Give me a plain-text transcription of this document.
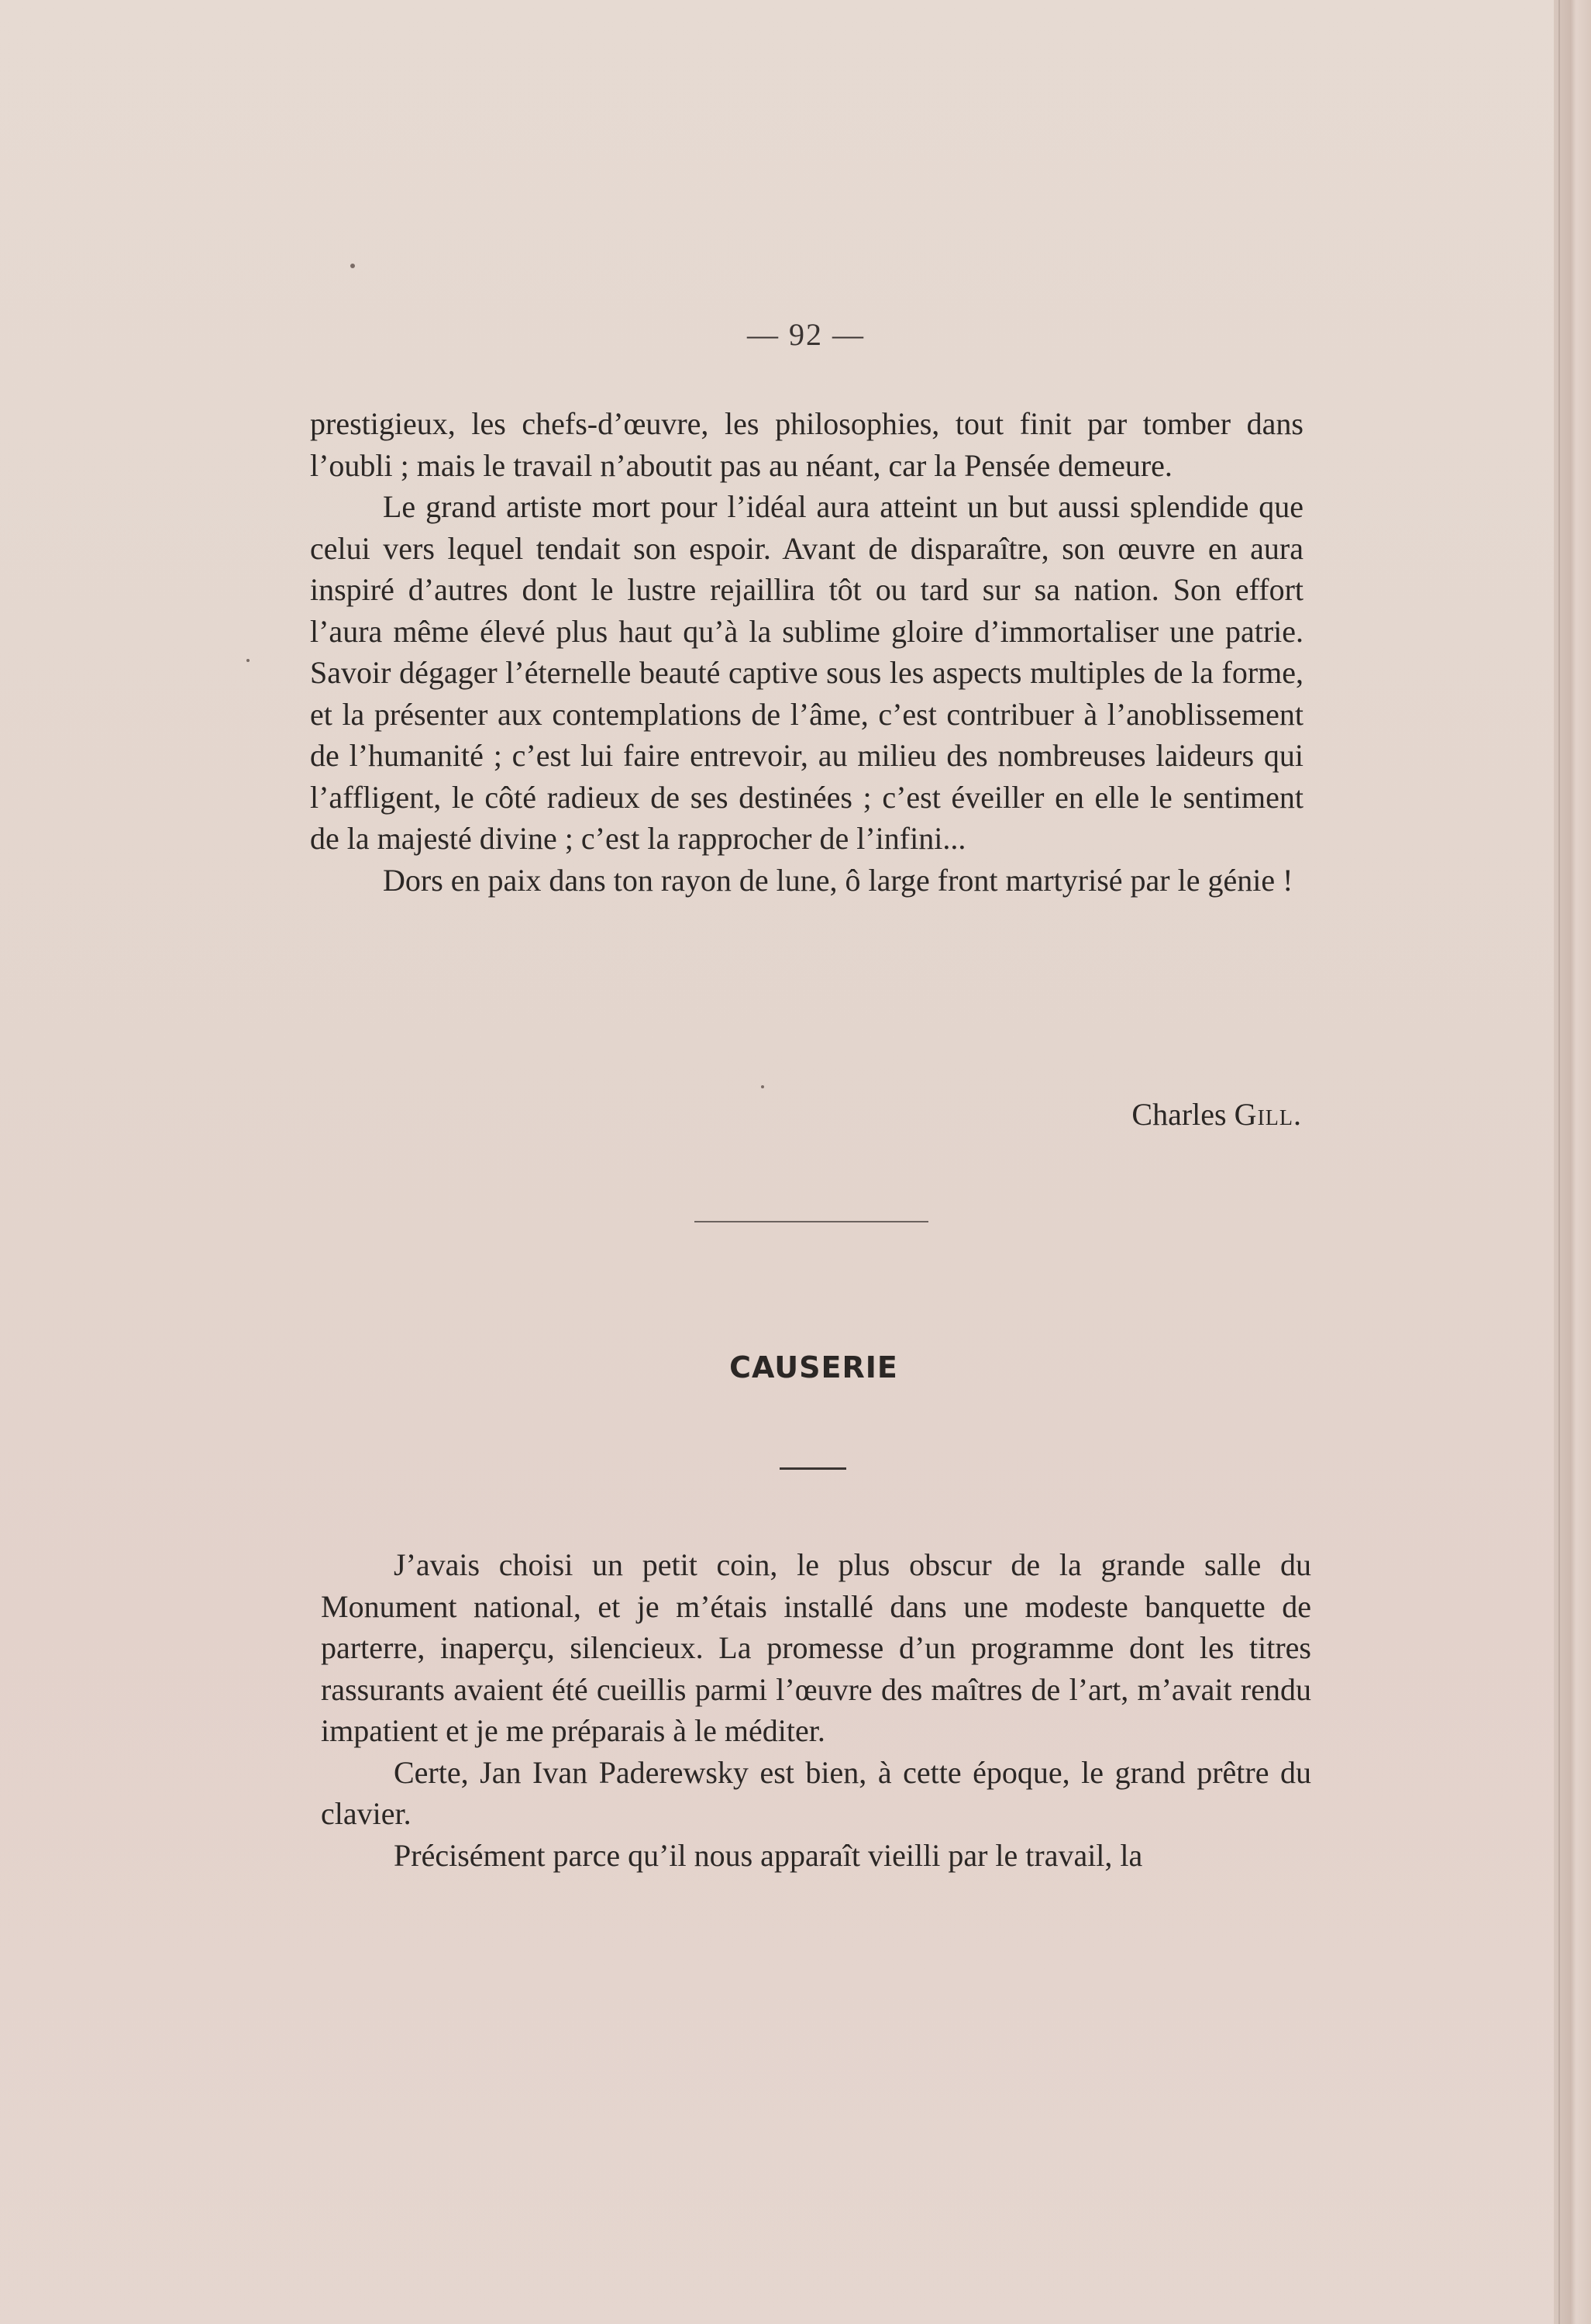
— 92 —

prestigieux, les chefs-d’œuvre, les philosophies, tout finit par tomber dans l’oubli ; mais le travail n’aboutit pas au néant, car la Pensée demeure.

Le grand artiste mort pour l’idéal aura atteint un but aussi splendide que celui vers lequel tendait son espoir. Avant de disparaître, son œuvre en aura inspiré d’autres dont le lustre rejaillira tôt ou tard sur sa nation. Son effort l’aura même élevé plus haut qu’à la sublime gloire d’immortaliser une patrie. Savoir dégager l’éternelle beauté captive sous les aspects multiples de la forme, et la présenter aux contemplations de l’âme, c’est contribuer à l’anoblissement de l’humanité ; c’est lui faire entrevoir, au milieu des nombreuses laideurs qui l’affligent, le côté radieux de ses destinées ; c’est éveiller en elle le sentiment de la majesté divine ; c’est la rapprocher de l’infini...

Dors en paix dans ton rayon de lune, ô large front martyrisé par le génie !

Charles Gill.
CAUSERIE

J’avais choisi un petit coin, le plus obscur de la grande salle du Monument national, et je m’étais installé dans une modeste banquette de parterre, inaperçu, silencieux. La promesse d’un programme dont les titres rassurants avaient été cueillis parmi l’œuvre des maîtres de l’art, m’avait rendu impatient et je me préparais à le méditer.

Certe, Jan Ivan Paderewsky est bien, à cette époque, le grand prêtre du clavier.

Précisément parce qu’il nous apparaît vieilli par le travail, la
